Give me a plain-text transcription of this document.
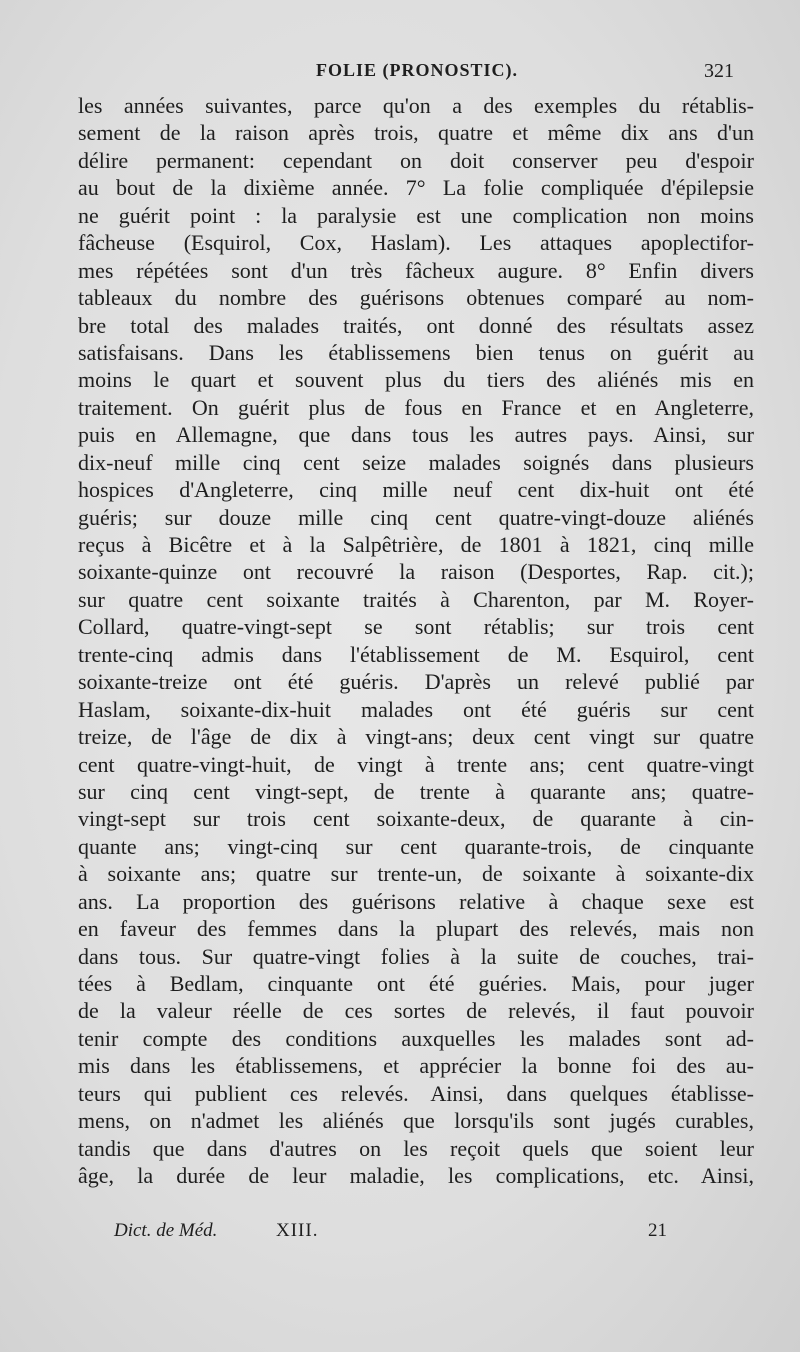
FOLIE (PRONOSTIC).	321
les années suivantes, parce qu'on a des exemples du rétablis-
sement de la raison après trois, quatre et même dix ans d'un
délire permanent: cependant on doit conserver peu d'espoir
au bout de la dixième année. 7° La folie compliquée d'épilepsie
ne guérit point : la paralysie est une complication non moins
fâcheuse (Esquirol, Cox, Haslam). Les attaques apoplectifor-
mes répétées sont d'un très fâcheux augure. 8° Enfin divers
tableaux du nombre des guérisons obtenues comparé au nom-
bre total des malades traités, ont donné des résultats assez
satisfaisans. Dans les établissemens bien tenus on guérit au
moins le quart et souvent plus du tiers des aliénés mis en
traitement. On guérit plus de fous en France et en Angleterre,
puis en Allemagne, que dans tous les autres pays. Ainsi, sur
dix-neuf mille cinq cent seize malades soignés dans plusieurs
hospices d'Angleterre, cinq mille neuf cent dix-huit ont été
guéris; sur douze mille cinq cent quatre-vingt-douze aliénés
reçus à Bicêtre et à la Salpêtrière, de 1801 à 1821, cinq mille
soixante-quinze ont recouvré la raison (Desportes, Rap. cit.);
sur quatre cent soixante traités à Charenton, par M. Royer-
Collard, quatre-vingt-sept se sont rétablis; sur trois cent
trente-cinq admis dans l'établissement de M. Esquirol, cent
soixante-treize ont été guéris. D'après un relevé publié par
Haslam, soixante-dix-huit malades ont été guéris sur cent
treize, de l'âge de dix à vingt-ans; deux cent vingt sur quatre
cent quatre-vingt-huit, de vingt à trente ans; cent quatre-vingt
sur cinq cent vingt-sept, de trente à quarante ans; quatre-
vingt-sept sur trois cent soixante-deux, de quarante à cin-
quante ans; vingt-cinq sur cent quarante-trois, de cinquante
à soixante ans; quatre sur trente-un, de soixante à soixante-dix
ans. La proportion des guérisons relative à chaque sexe est
en faveur des femmes dans la plupart des relevés, mais non
dans tous. Sur quatre-vingt folies à la suite de couches, trai-
tées à Bedlam, cinquante ont été guéries. Mais, pour juger
de la valeur réelle de ces sortes de relevés, il faut pouvoir
tenir compte des conditions auxquelles les malades sont ad-
mis dans les établissemens, et apprécier la bonne foi des au-
teurs qui publient ces relevés. Ainsi, dans quelques établisse-
mens, on n'admet les aliénés que lorsqu'ils sont jugés curables,
tandis que dans d'autres on les reçoit quels que soient leur
âge, la durée de leur maladie, les complications, etc. Ainsi,
Dict. de Méd.	XIII.	21
